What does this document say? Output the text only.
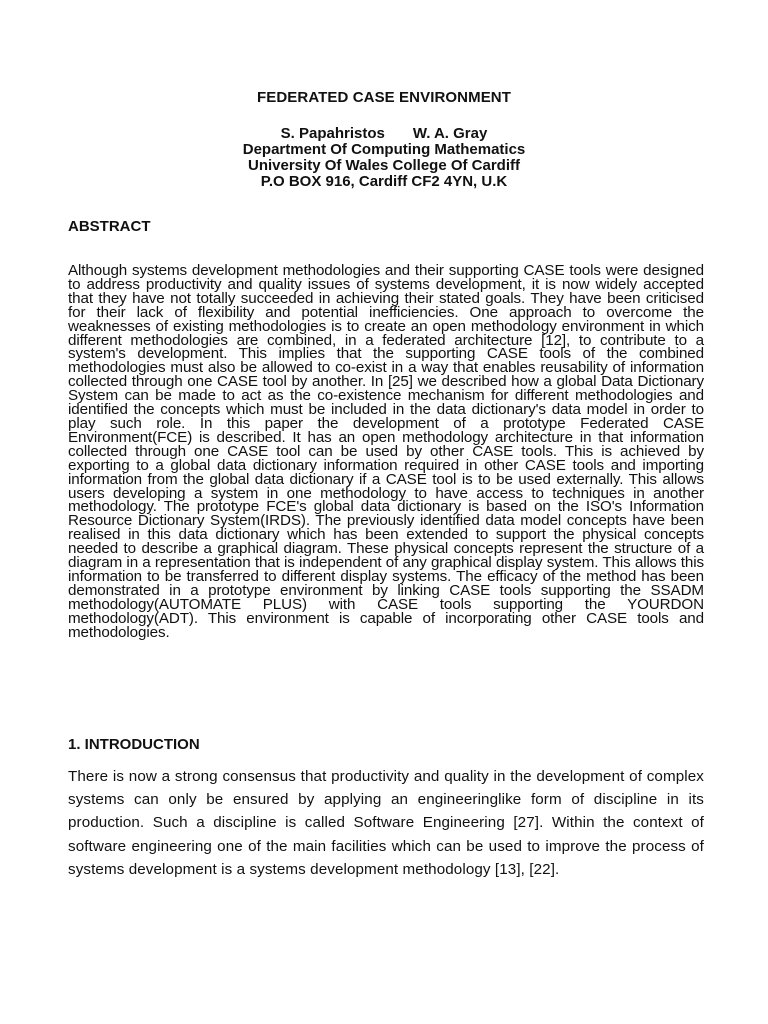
FEDERATED CASE ENVIRONMENT
S. Papahristos W. A. Gray
Department Of Computing Mathematics
University Of Wales College Of Cardiff
P.O BOX 916, Cardiff CF2 4YN, U.K
ABSTRACT

Although systems development methodologies and their supporting CASE tools were designed to address productivity and quality issues of systems development, it is now widely accepted that they have not totally succeeded in achieving their stated goals. They have been criticised for their lack of flexibility and potential inefficiencies. One approach to overcome the weaknesses of existing methodologies is to create an open methodology environment in which different methodologies are combined, in a federated architecture [12], to contribute to a system's development. This implies that the supporting CASE tools of the combined methodologies must also be allowed to co-exist in a way that enables reusability of information collected through one CASE tool by another. In [25] we described how a global Data Dictionary System can be made to act as the co-existence mechanism for different methodologies and identified the concepts which must be included in the data dictionary's data model in order to play such role. In this paper the development of a prototype Federated CASE Environment(FCE) is described. It has an open methodology architecture in that information collected through one CASE tool can be used by other CASE tools. This is achieved by exporting to a global data dictionary information required in other CASE tools and importing information from the global data dictionary if a CASE tool is to be used externally. This allows users developing a system in one methodology to have access to techniques in another methodology. The prototype FCE's global data dictionary is based on the ISO's Information Resource Dictionary System(IRDS). The previously identified data model concepts have been realised in this data dictionary which has been extended to support the physical concepts needed to describe a graphical diagram. These physical concepts represent the structure of a diagram in a representation that is independent of any graphical display system. This allows this information to be transferred to different display systems. The efficacy of the method has been demonstrated in a prototype environment by linking CASE tools supporting the SSADM methodology(AUTOMATE PLUS) with CASE tools supporting the YOURDON methodology(ADT). This environment is capable of incorporating other CASE tools and methodologies.

1. INTRODUCTION

There is now a strong consensus that productivity and quality in the development of complex systems can only be ensured by applying an engineeringlike form of discipline in its production. Such a discipline is called Software Engineering [27]. Within the context of software engineering one of the main facilities which can be used to improve the process of systems development is a systems development methodology [13], [22].
